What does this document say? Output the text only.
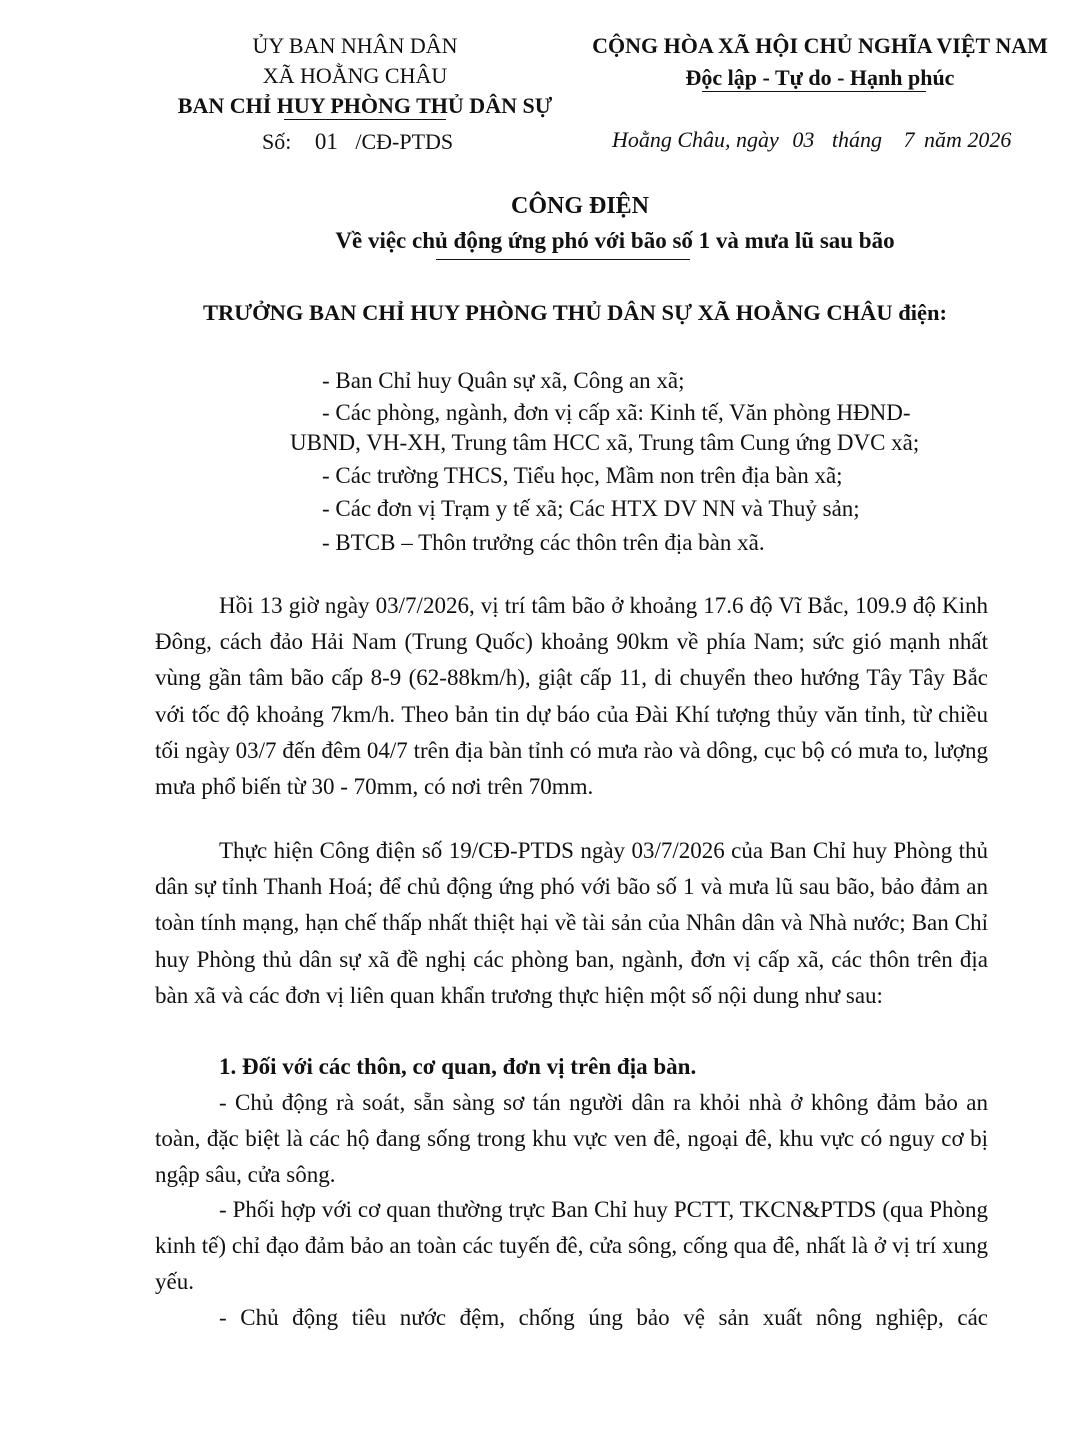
ỦY BAN NHÂN DÂN
XÃ HOẰNG CHÂU
BAN CHỈ HUY PHÒNG THỦ DÂN SỰ
Số: 01 /CĐ-PTDS
CỘNG HÒA XÃ HỘI CHỦ NGHĨA VIỆT NAM
Độc lập - Tự do - Hạnh phúc
Hoằng Châu, ngày 03 tháng 7 năm 2026
CÔNG ĐIỆN
Về việc chủ động ứng phó với bão số 1 và mưa lũ sau bão
TRƯỞNG BAN CHỈ HUY PHÒNG THỦ DÂN SỰ XÃ HOẰNG CHÂU điện:
- Ban Chỉ huy Quân sự xã, Công an xã;
- Các phòng, ngành, đơn vị cấp xã: Kinh tế, Văn phòng HĐND-
UBND, VH-XH, Trung tâm HCC xã, Trung tâm Cung ứng DVC xã;
- Các trường THCS, Tiểu học, Mầm non trên địa bàn xã;
- Các đơn vị Trạm y tế xã; Các HTX DV NN và Thuỷ sản;
- BTCB – Thôn trưởng các thôn trên địa bàn xã.

Hồi 13 giờ ngày 03/7/2026, vị trí tâm bão ở khoảng 17.6 độ Vĩ Bắc, 109.9 độ Kinh Đông, cách đảo Hải Nam (Trung Quốc) khoảng 90km về phía Nam; sức gió mạnh nhất vùng gần tâm bão cấp 8-9 (62-88km/h), giật cấp 11, di chuyển theo hướng Tây Tây Bắc với tốc độ khoảng 7km/h. Theo bản tin dự báo của Đài Khí tượng thủy văn tỉnh, từ chiều tối ngày 03/7 đến đêm 04/7 trên địa bàn tỉnh có mưa rào và dông, cục bộ có mưa to, lượng mưa phổ biến từ 30 - 70mm, có nơi trên 70mm.

Thực hiện Công điện số 19/CĐ-PTDS ngày 03/7/2026 của Ban Chỉ huy Phòng thủ dân sự tỉnh Thanh Hoá; để chủ động ứng phó với bão số 1 và mưa lũ sau bão, bảo đảm an toàn tính mạng, hạn chế thấp nhất thiệt hại về tài sản của Nhân dân và Nhà nước; Ban Chỉ huy Phòng thủ dân sự xã đề nghị các phòng ban, ngành, đơn vị cấp xã, các thôn trên địa bàn xã và các đơn vị liên quan khẩn trương thực hiện một số nội dung như sau:

1. Đối với các thôn, cơ quan, đơn vị trên địa bàn.

- Chủ động rà soát, sẵn sàng sơ tán người dân ra khỏi nhà ở không đảm bảo an toàn, đặc biệt là các hộ đang sống trong khu vực ven đê, ngoại đê, khu vực có nguy cơ bị ngập sâu, cửa sông.

- Phối hợp với cơ quan thường trực Ban Chỉ huy PCTT, TKCN&PTDS (qua Phòng kinh tế) chỉ đạo đảm bảo an toàn các tuyến đê, cửa sông, cống qua đê, nhất là ở vị trí xung yếu.

- Chủ động tiêu nước đệm, chống úng bảo vệ sản xuất nông nghiệp, các
